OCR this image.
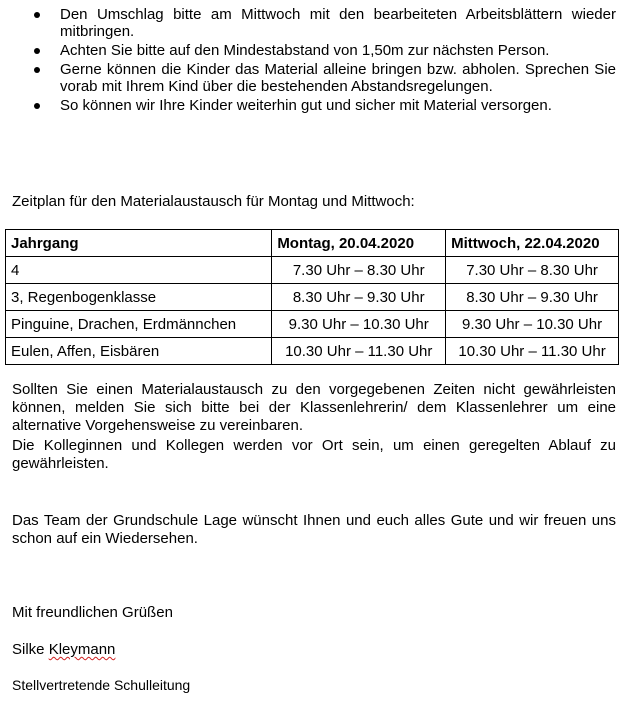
Den Umschlag bitte am Mittwoch mit den bearbeiteten Arbeitsblättern wieder mitbringen.
Achten Sie bitte auf den Mindestabstand von 1,50m zur nächsten Person.
Gerne können die Kinder das Material alleine bringen bzw. abholen. Sprechen Sie vorab mit Ihrem Kind über die bestehenden Abstandsregelungen.
So können wir Ihre Kinder weiterhin gut und sicher mit Material versorgen.
Zeitplan für den Materialaustausch für Montag und Mittwoch:
Jahrgang	Montag, 20.04.2020	Mittwoch, 22.04.2020
4	7.30 Uhr – 8.30 Uhr	7.30 Uhr – 8.30 Uhr
3, Regenbogenklasse	8.30 Uhr – 9.30 Uhr	8.30 Uhr – 9.30 Uhr
Pinguine, Drachen, Erdmännchen	9.30 Uhr – 10.30 Uhr	9.30 Uhr – 10.30 Uhr
Eulen, Affen, Eisbären	10.30 Uhr – 11.30 Uhr	10.30 Uhr – 11.30 Uhr
Sollten Sie einen Materialaustausch zu den vorgegebenen Zeiten nicht gewährleisten können, melden Sie sich bitte bei der Klassenlehrerin/ dem Klassenlehrer um eine alternative Vorgehensweise zu vereinbaren.
Die Kolleginnen und Kollegen werden vor Ort sein, um einen geregelten Ablauf zu gewährleisten.
Das Team der Grundschule Lage wünscht Ihnen und euch alles Gute und wir freuen uns schon auf ein Wiedersehen.
Mit freundlichen Grüßen
Silke Kleymann
Stellvertretende Schulleitung
